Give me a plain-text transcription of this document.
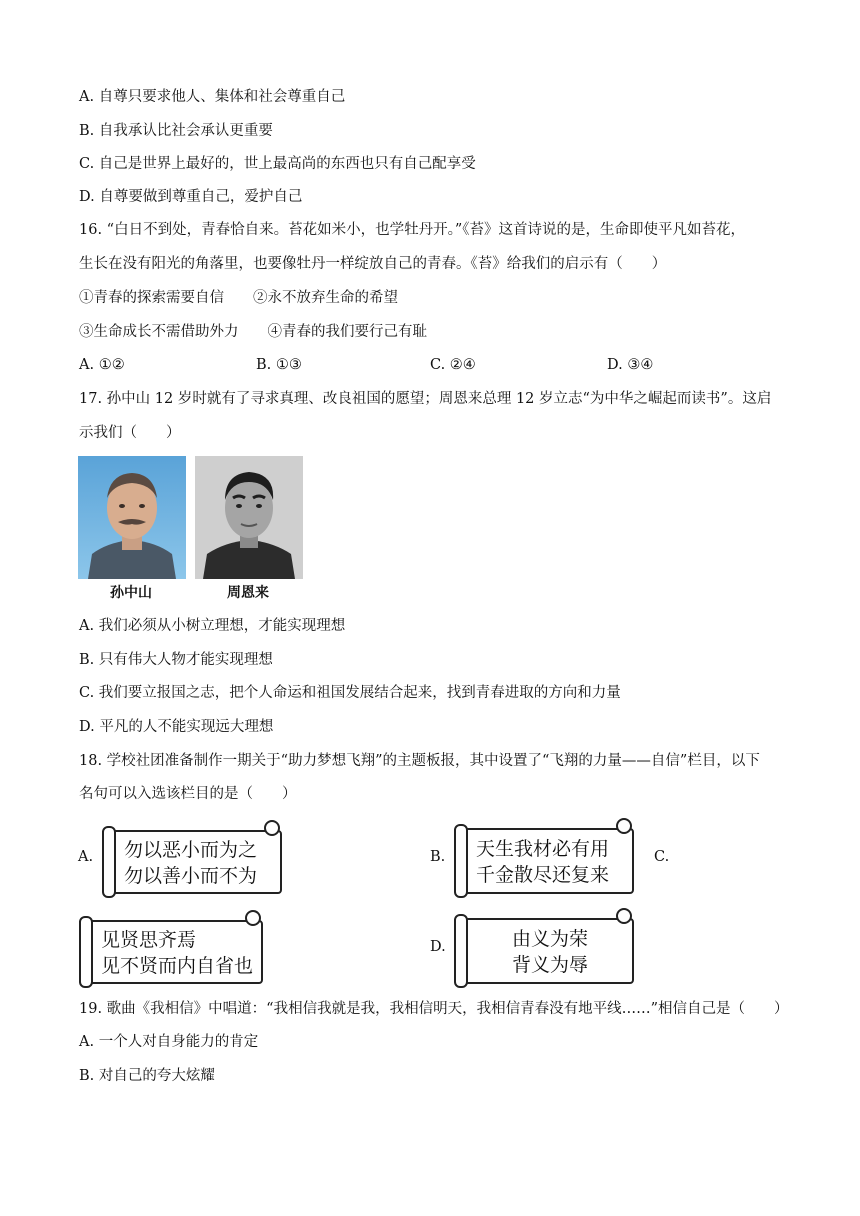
A. 自尊只要求他人、集体和社会尊重自己
B. 自我承认比社会承认更重要
C. 自己是世界上最好的，世上最高尚的东西也只有自己配享受
D. 自尊要做到尊重自己，爱护自己
16. “白日不到处，青春恰自来。苔花如米小，也学牡丹开。”《苔》这首诗说的是，生命即使平凡如苔花，
生长在没有阳光的角落里，也要像牡丹一样绽放自己的青春。《苔》给我们的启示有（　　）
①青春的探索需要自信　　②永不放弃生命的希望
③生命成长不需借助外力　　④青春的我们要行己有耻
A. ①②	B. ①③	C. ②④	D. ③④
17. 孙中山 12 岁时就有了寻求真理、改良祖国的愿望；周恩来总理 12 岁立志“为中华之崛起而读书”。这启
示我们（　　）
孙中山	周恩来
A. 我们必须从小树立理想，才能实现理想
B. 只有伟大人物才能实现理想
C. 我们要立报国之志，把个人命运和祖国发展结合起来，找到青春进取的方向和力量
D. 平凡的人不能实现远大理想
18. 学校社团准备制作一期关于“助力梦想飞翔”的主题板报，其中设置了“飞翔的力量——自信”栏目，以下
名句可以入选该栏目的是（　　）
A. 勿以恶小而为之
勿以善小而不为
B. 天生我材必有用
千金散尽还复来
C.
见贤思齐焉
见不贤而内自省也
D.	由义为荣
背义为辱
19. 歌曲《我相信》中唱道：“我相信我就是我，我相信明天，我相信青春没有地平线……”相信自己是（　　）
A. 一个人对自身能力的肯定
B. 对自己的夸大炫耀
